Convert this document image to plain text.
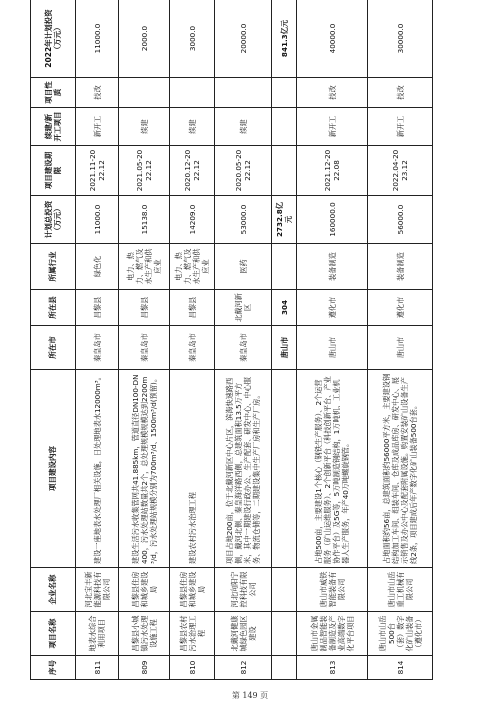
序号	项目名称	企业名称	项目建设内容	所在市	所在县	所属行业	计划总投资（万元）	项目建设期限	续建/新开工项目	项目性质	2022年计划投资（万元）
811	地表水综合利用项目	河北宝丰新能源科技有限公司	建设一座地表水处理厂相关设施，日处理地表水12000m³。	秦皇岛市	昌黎县	绿色化	11000.0	2021.11-2022.12	新开工	技改	11000.0
809	昌黎县小城镇污水处理设施工程	昌黎县住房和城乡建设局	建设生活污水收集管网共41.885km，管道直径DN100-DN400，污水处理站数量共2个，总处理规模规模达到2200m³/d，污水处理站规模分别为700m³/d、1500m³/d(预留)。	秦皇岛市	昌黎县	电力、热力、燃气及水生产和供应业	15138.0	2021.05-2022.12	续建		2000.0
810	昌黎县农村污水治理工程	昌黎县住房和城乡建设局	建设农村污水治理工程	秦皇岛市	昌黎县	电力、热力、燃气及水生产和供应业	14209.0	2020.12-2022.12	续建		3000.0
812	北戴河健康城绿色园区建设	河北向阳宁控科技有限公司	项目占地200亩，位于北戴河新区中心片区，滨海快速路西侧，戴河北侧、秦皇海洋路西侧，总建筑面积13.5万平方米，其中一期建设行政办公、生产配套、研发中心、中心服务、物流仓储等，二期建设集中生产厂房和生产厂房。	秦皇岛市	北戴河新区	医药	53000.0	2020.05-2022.12	续建		20000.0
				唐山市	304		2732.8亿元				841.3亿元
813	唐山市金属制品智能装备制造及产业高端数字化平台项目	唐山市威铁智能装备有限公司	占地500亩，主要建设1个核心（钢铁生产服务）、2个运营服务（矿山运维服务）、2个创新平台（科技创新平台、产业协作平台）及5G等，5万吨制造钢结构，1万吨机、工业机器人生产服务，年产40万吨螺旋钢管。	唐山市	遵化市	装备制造	160000.0	2021.12-2022.08	新开工	技改	40000.0
814	唐山市山岳500台（套）数字化矿山装备（遵化市）	唐山市山岳重工机械有限公司	占地面积约56亩，总建筑面积约56000平方米，主要建设钢结构加工车间、组装车间、仓库及成品库房、研发中心、展示销售及办公中心及配套附属设施。购置安装矿山设备生产线2条，项目建成后年产数字化矿山装备500台套。	唐山市	遵化市	装备制造	56000.0	2022.04-2023.12	新开工	技改	30000.0
第 149 页
